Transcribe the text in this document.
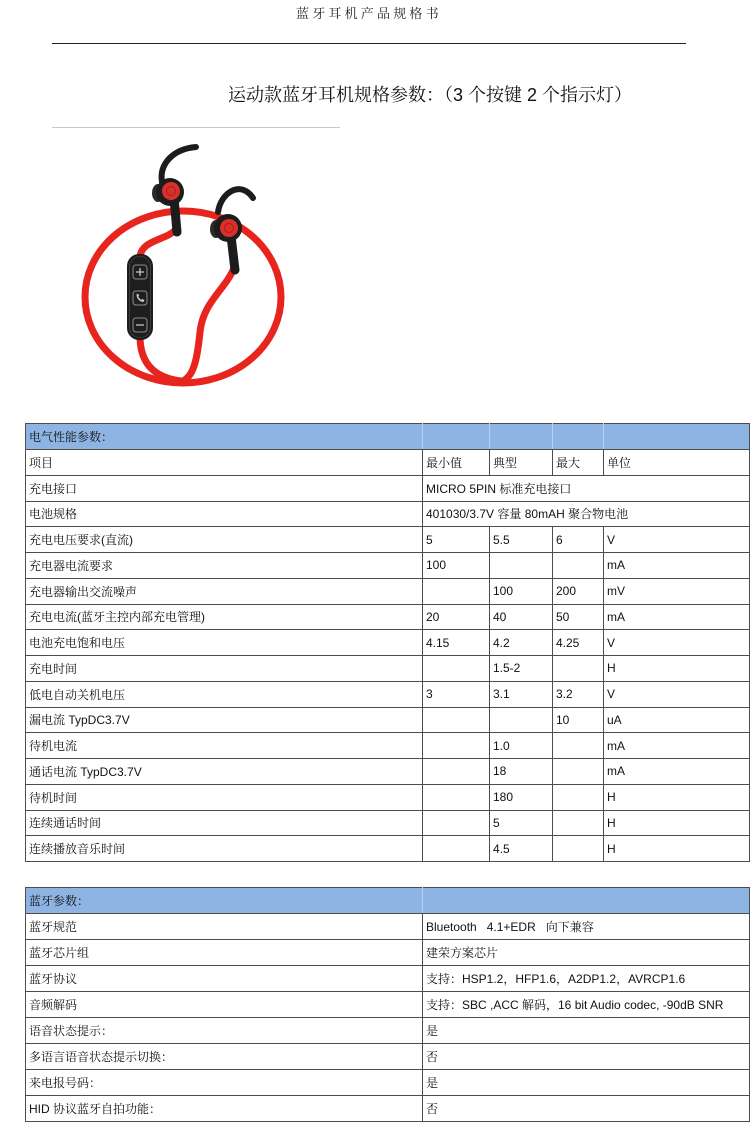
蓝牙耳机产品规格书
运动款蓝牙耳机规格参数：（3 个按键 2 个指示灯）
电气性能参数：				
项目	最小值	典型	最大	单位
充电接口	MICRO 5PIN 标准充电接口			
电池规格	401030/3.7V 容量 80mAH 聚合物电池			
充电电压要求(直流)	5	5.5	6	V
充电器电流要求	100			mA
充电器输出交流噪声		100	200	mV
充电电流(蓝牙主控内部充电管理)	20	40	50	mA
电池充电饱和电压	4.15	4.2	4.25	V
充电时间		1.5-2		H
低电自动关机电压	3	3.1	3.2	V
漏电流 TypDC3.7V			10	uA
待机电流		1.0		mA
通话电流 TypDC3.7V		18		mA
待机时间		180		H
连续通话时间		5		H
连续播放音乐时间		4.5		H
蓝牙参数：	
蓝牙规范	Bluetooth   4.1+EDR   向下兼容
蓝牙芯片组	建荣方案芯片
蓝牙协议	支持：HSP1.2，HFP1.6，A2DP1.2，AVRCP1.6
音频解码	支持：SBC ,ACC 解码，16 bit Audio codec, -90dB SNR
语音状态提示：	是
多语言语音状态提示切换：	否
来电报号码：	是
HID 协议蓝牙自拍功能：	否
